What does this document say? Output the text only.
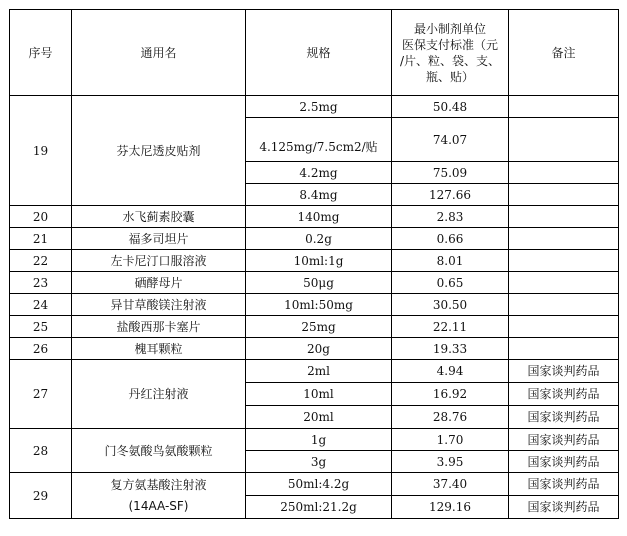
序号	通用名	规格	最小制剂单位
医保支付标准（元
/片、粒、袋、支、
瓶、贴）	备注
19	芬太尼透皮贴剂	2.5mg	50.48	

		4.125mg/7.5cm2/贴	74.07	
		4.2mg	75.09	
		8.4mg	127.66	
20	水飞蓟素胶囊	140mg	2.83	
21	福多司坦片	0.2g	0.66	
22	左卡尼汀口服溶液	10ml:1g	8.01	
23	硒酵母片	50μg	0.65	
24	异甘草酸镁注射液	10ml:50mg	30.50	
25	盐酸西那卡塞片	25mg	22.11	
26	槐耳颗粒	20g	19.33	
27	丹红注射液	2ml	4.94	国家谈判药品
		10ml	16.92	国家谈判药品
		20ml	28.76	国家谈判药品
28	门冬氨酸鸟氨酸颗粒	1g	1.70	国家谈判药品
		3g	3.95	国家谈判药品
29	复方氨基酸注射液
(14AA-SF)	50ml:4.2g	37.40	国家谈判药品
		250ml:21.2g	129.16	国家谈判药品
